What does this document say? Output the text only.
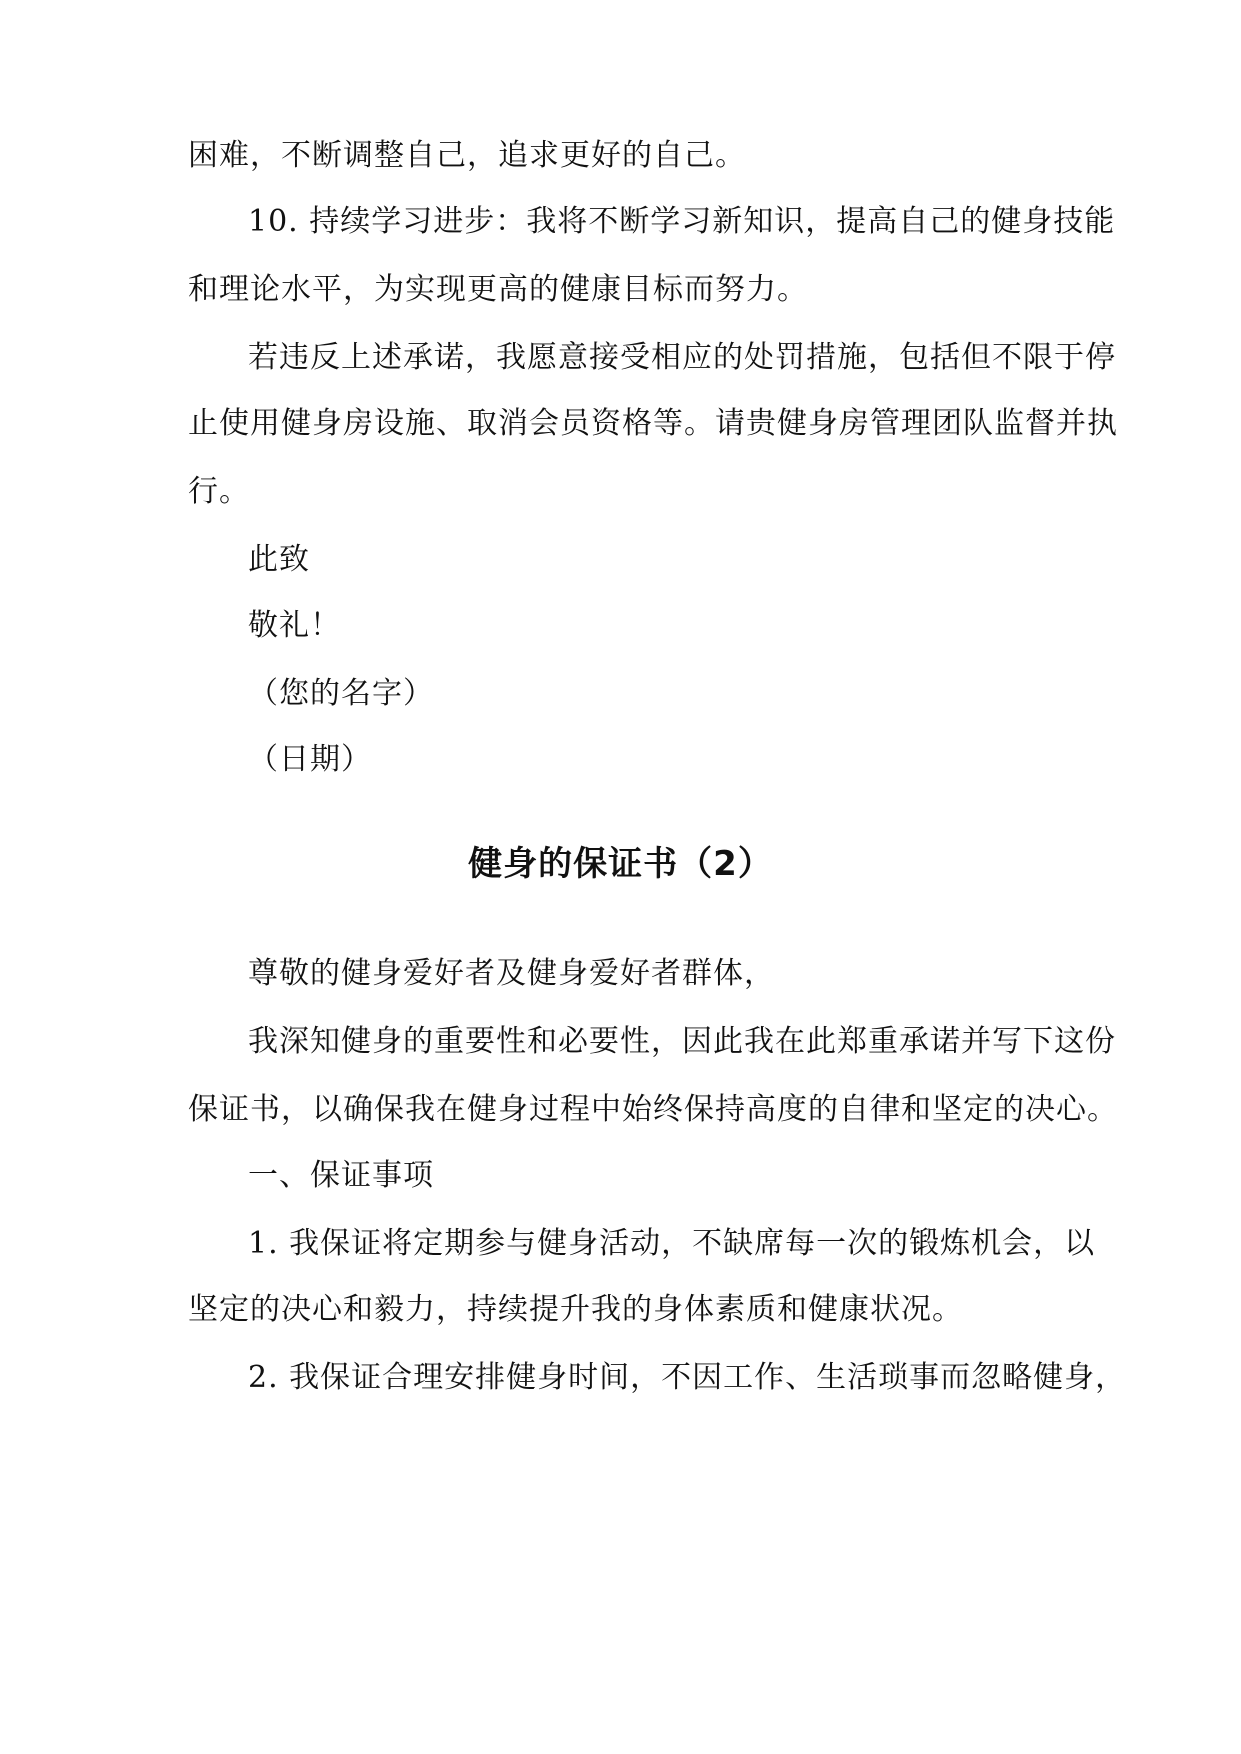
困难，不断调整自己，追求更好的自己。
10. 持续学习进步：我将不断学习新知识，提高自己的健身技能
和理论水平，为实现更高的健康目标而努力。
若违反上述承诺，我愿意接受相应的处罚措施，包括但不限于停
止使用健身房设施、取消会员资格等。请贵健身房管理团队监督并执
行。
此致
敬礼！
（您的名字）
（日期）
健身的保证书（2）
尊敬的健身爱好者及健身爱好者群体，
我深知健身的重要性和必要性，因此我在此郑重承诺并写下这份
保证书，以确保我在健身过程中始终保持高度的自律和坚定的决心。
一、保证事项
1. 我保证将定期参与健身活动，不缺席每一次的锻炼机会，以
坚定的决心和毅力，持续提升我的身体素质和健康状况。
2. 我保证合理安排健身时间，不因工作、生活琐事而忽略健身，
